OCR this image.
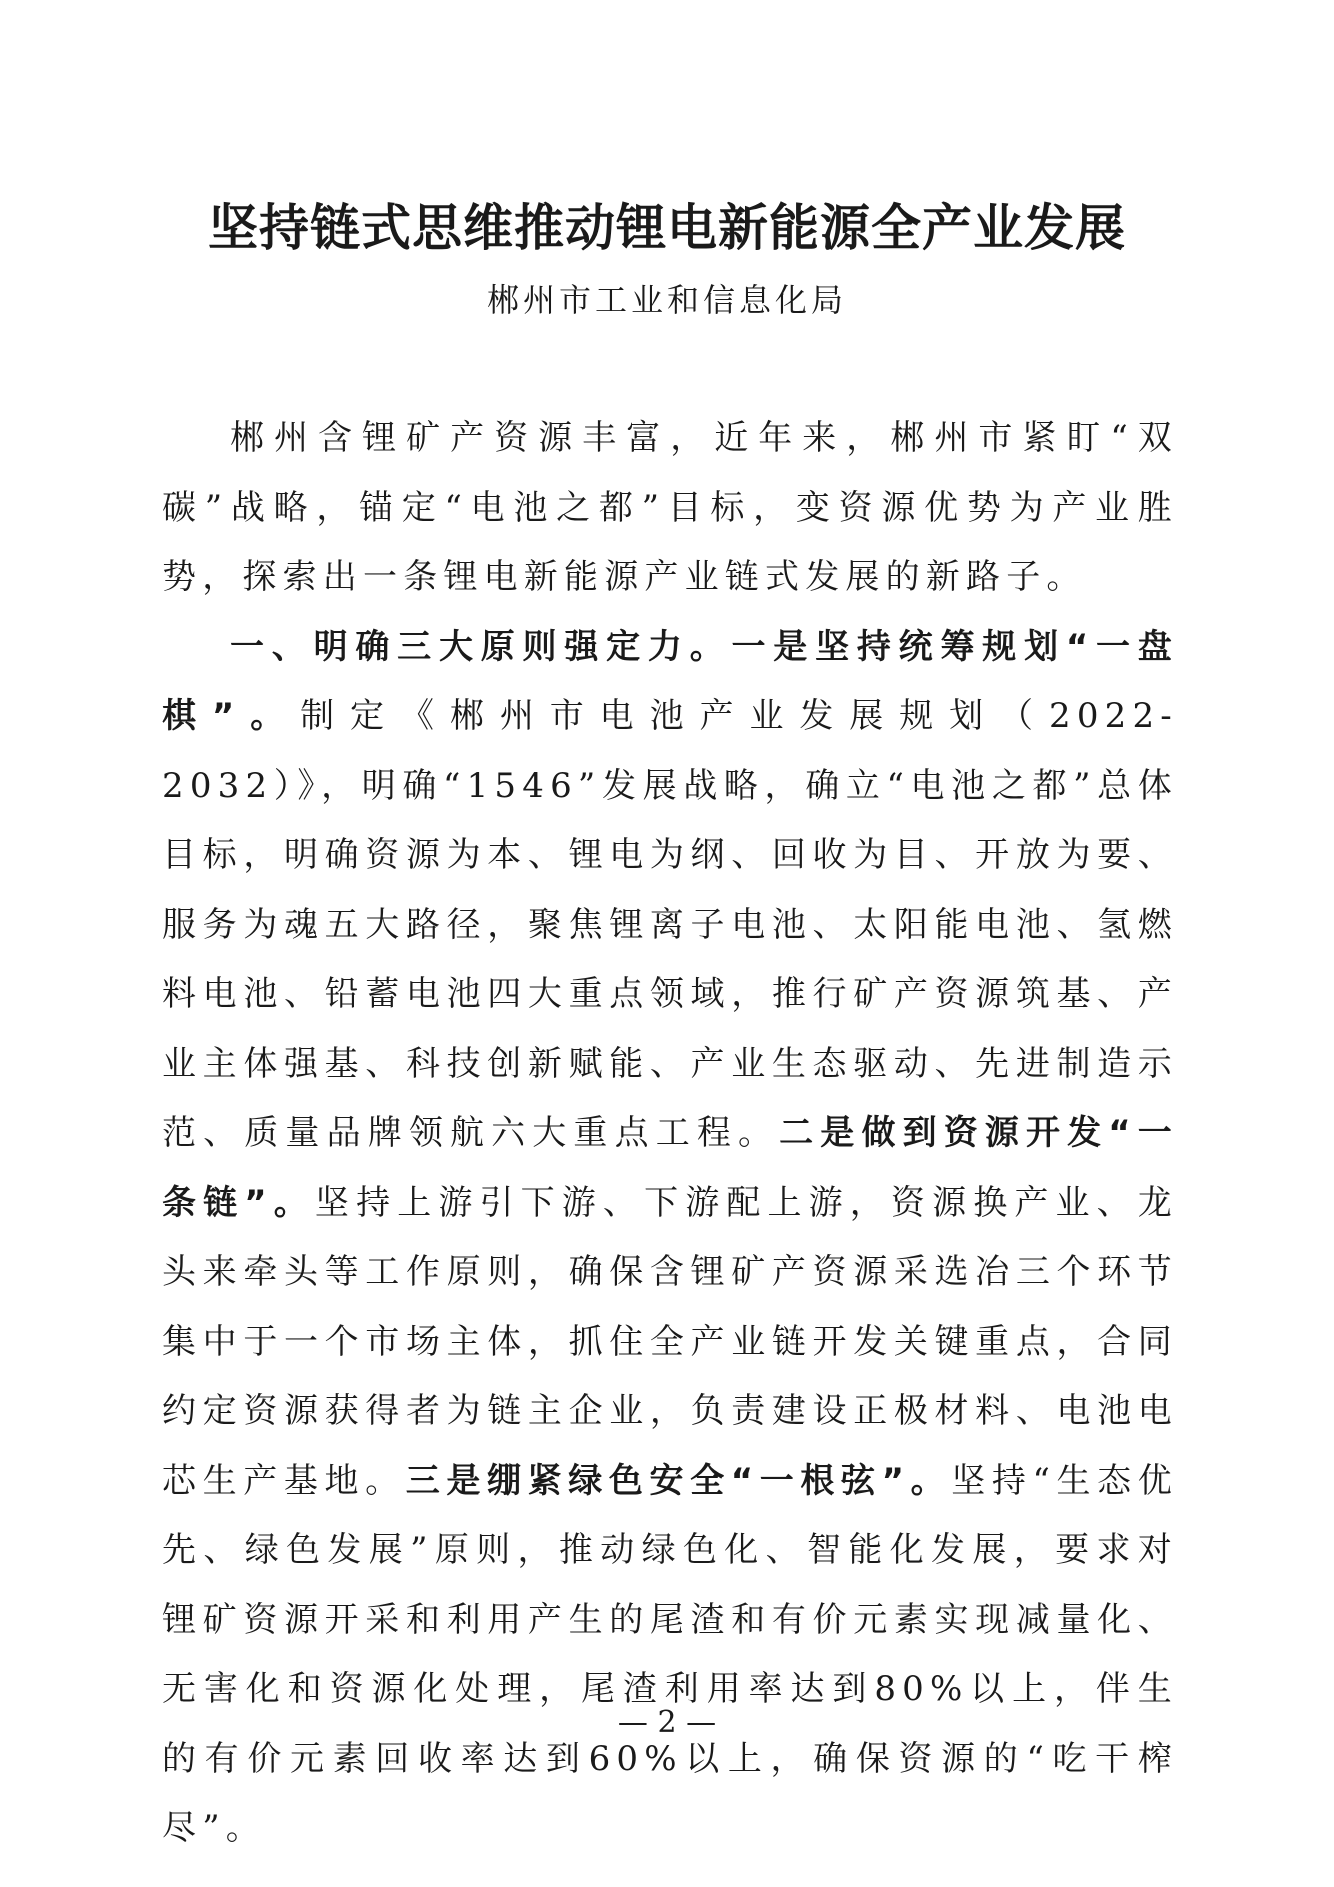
坚持链式思维推动锂电新能源全产业发展
郴州市工业和信息化局

郴州含锂矿产资源丰富，近年来，郴州市紧盯“双碳”战略，锚定“电池之都”目标，变资源优势为产业胜势，探索出一条锂电新能源产业链式发展的新路子。

一、明确三大原则强定力。一是坚持统筹规划“一盘棋”。制定《郴州市电池产业发展规划（2022-2032）》，明确“1546”发展战略，确立“电池之都”总体目标，明确资源为本、锂电为纲、回收为目、开放为要、服务为魂五大路径，聚焦锂离子电池、太阳能电池、氢燃料电池、铅蓄电池四大重点领域，推行矿产资源筑基、产业主体强基、科技创新赋能、产业生态驱动、先进制造示范、质量品牌领航六大重点工程。二是做到资源开发“一条链”。坚持上游引下游、下游配上游，资源换产业、龙头来牵头等工作原则，确保含锂矿产资源采选冶三个环节集中于一个市场主体，抓住全产业链开发关键重点，合同约定资源获得者为链主企业，负责建设正极材料、电池电芯生产基地。三是绷紧绿色安全“一根弦”。坚持“生态优先、绿色发展”原则，推动绿色化、智能化发展，要求对锂矿资源开采和利用产生的尾渣和有价元素实现减量化、无害化和资源化处理，尾渣利用率达到80%以上，伴生的有价元素回收率达到60%以上，确保资源的“吃干榨尽”。

— 2 —
